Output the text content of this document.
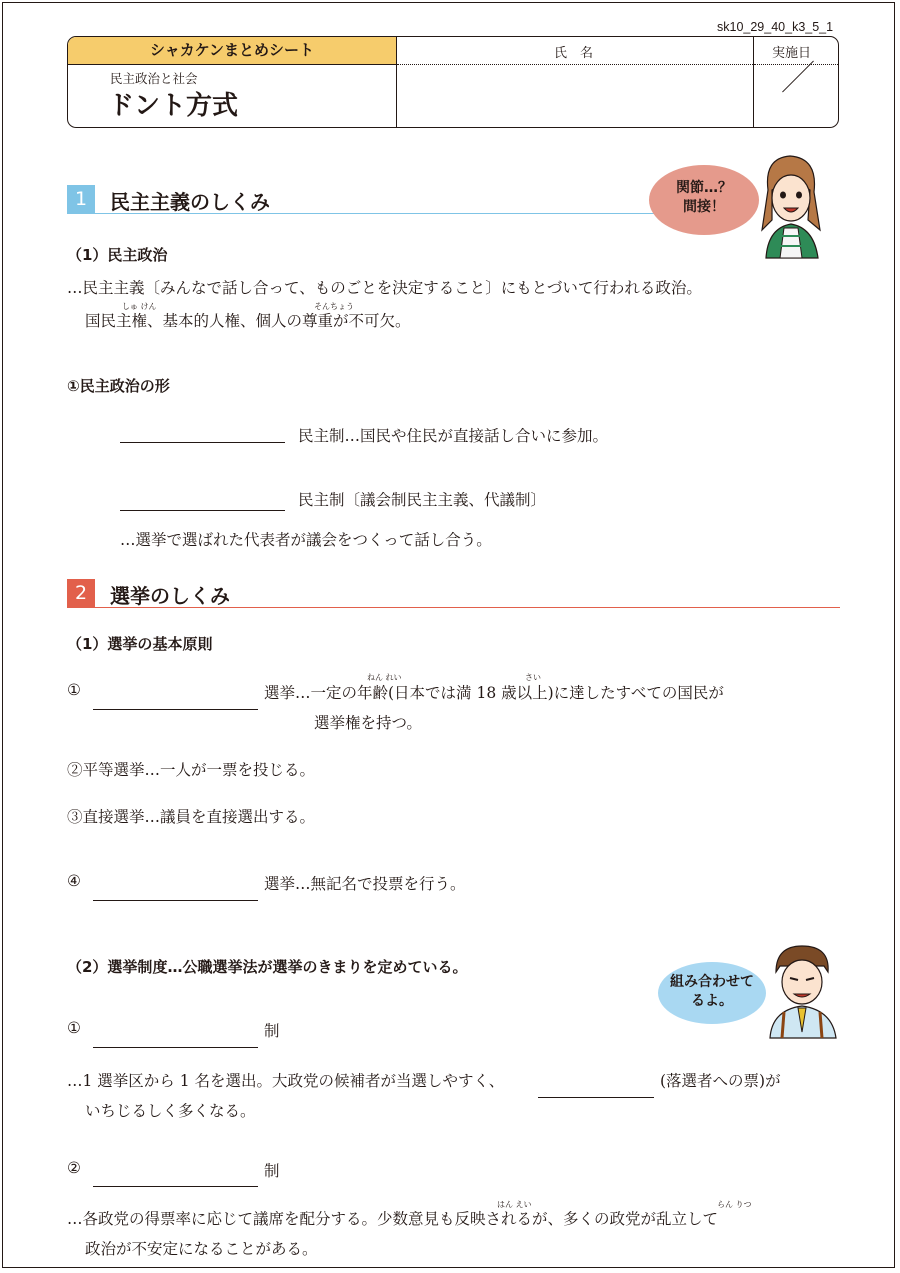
sk10_29_40_k3_5_1
シャカケンまとめシート	氏　名	実施日
民主政治と社会
ドント方式
1	民主主義のしくみ
関節…？
間接！
（1）民主政治
…民主主義〔みんなで話し合って、ものごとを決定すること〕にもとづいて行われる政治。
しゅ けん	そんちょう
国民主権、基本的人権、個人の尊重が不可欠。
①民主政治の形
民主制…国民や住民が直接話し合いに参加。
民主制〔議会制民主主義、代議制〕
…選挙で選ばれた代表者が議会をつくって話し合う。
2	選挙のしくみ
（1）選挙の基本原則
①
ねん れい	さい
選挙…一定の年齢(日本では満 18 歳以上)に達したすべての国民が
選挙権を持つ。
②平等選挙…一人が一票を投じる。
③直接選挙…議員を直接選出する。
④	選挙…無記名で投票を行う。
（2）選挙制度…公職選挙法が選挙のきまりを定めている。
組み合わせて
るよ。
①	制
…1 選挙区から 1 名を選出。大政党の候補者が当選しやすく、	(落選者への票)が
いちじるしく多くなる。
②	制
はん えい	らん りつ
…各政党の得票率に応じて議席を配分する。少数意見も反映されるが、多くの政党が乱立して
政治が不安定になることがある。
